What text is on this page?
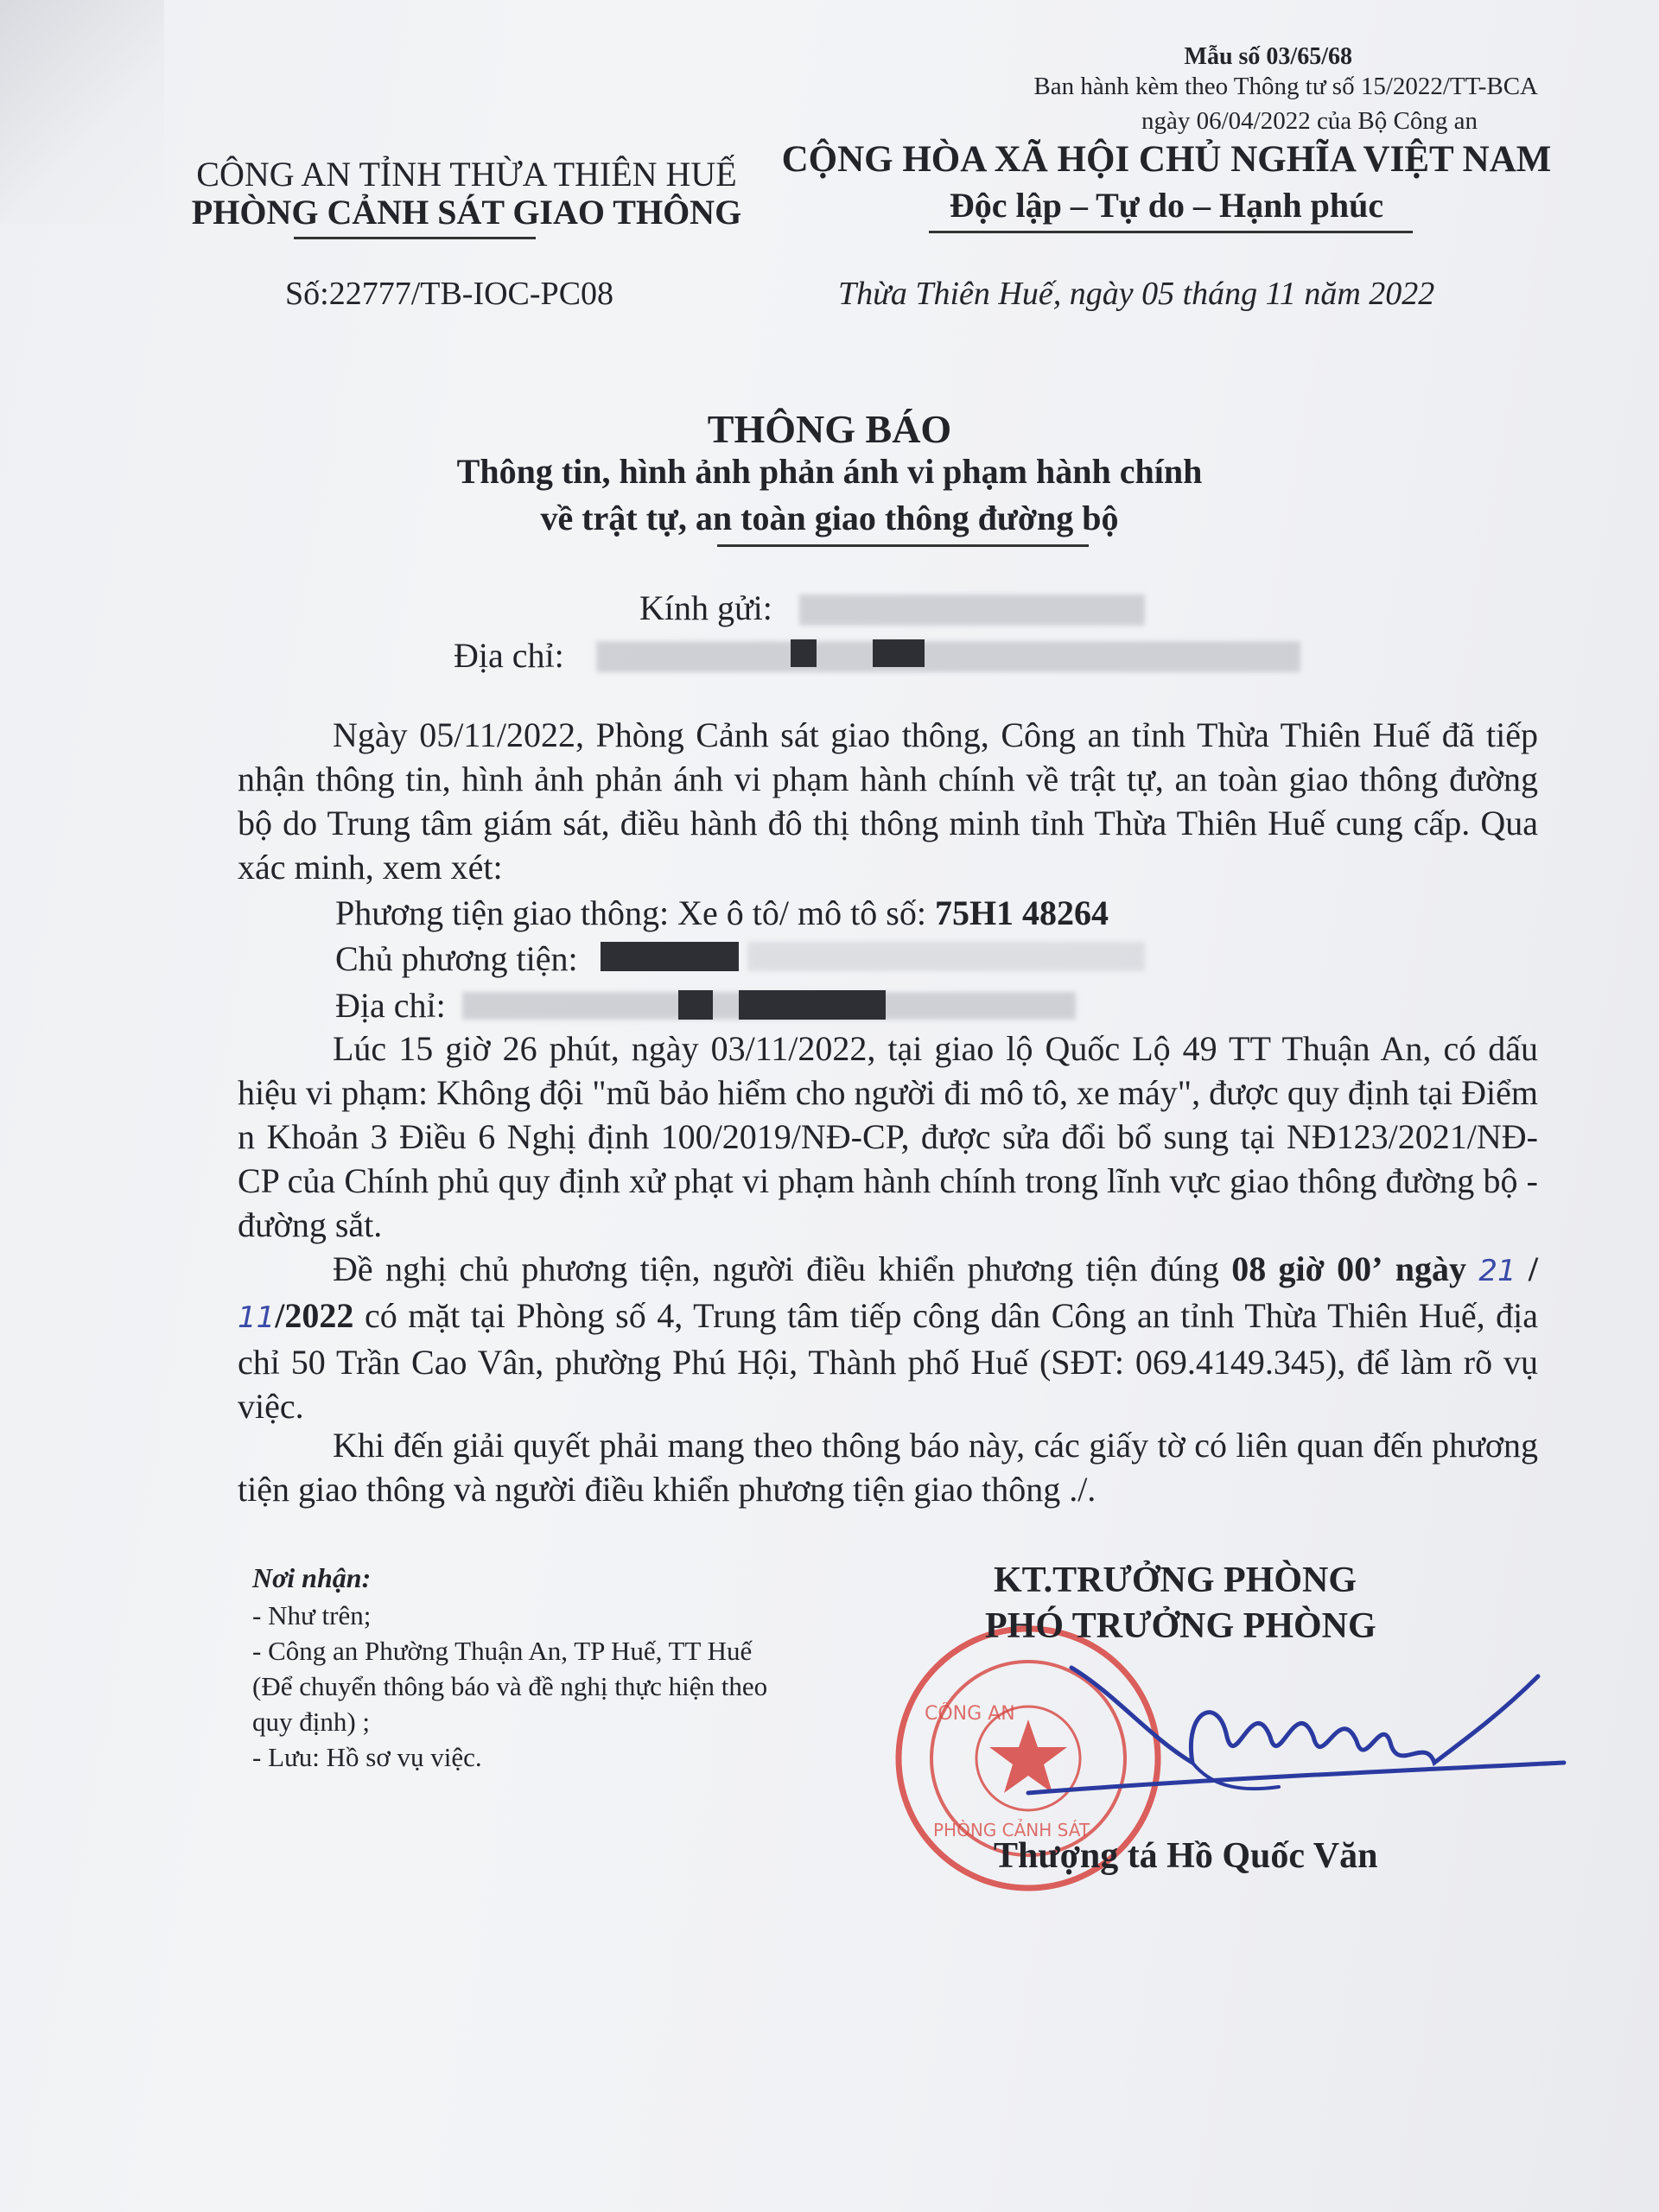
Mẫu số 03/65/68
Ban hành kèm theo Thông tư số 15/2022/TT-BCA
ngày 06/04/2022 của Bộ Công an
CÔNG AN TỈNH THỪA THIÊN HUẾ
PHÒNG CẢNH SÁT GIAO THÔNG
CỘNG HÒA XÃ HỘI CHỦ NGHĨA VIỆT NAM
Độc lập – Tự do – Hạnh phúc
Số:22777/TB-IOC-PC08	Thừa Thiên Huế, ngày 05 tháng 11 năm 2022
THÔNG BÁO
Thông tin, hình ảnh phản ánh vi phạm hành chính
về trật tự, an toàn giao thông đường bộ
Kính gửi:
Địa chỉ:
Ngày 05/11/2022, Phòng Cảnh sát giao thông, Công an tỉnh Thừa Thiên Huế đã tiếp nhận thông tin, hình ảnh phản ánh vi phạm hành chính về trật tự, an toàn giao thông đường bộ do Trung tâm giám sát, điều hành đô thị thông minh tỉnh Thừa Thiên Huế cung cấp. Qua xác minh, xem xét:
Phương tiện giao thông: Xe ô tô/ mô tô số: 75H1 48264
Chủ phương tiện:
Địa chỉ:
Lúc 15 giờ 26 phút, ngày 03/11/2022, tại giao lộ Quốc Lộ 49 TT Thuận An, có dấu hiệu vi phạm: Không đội "mũ bảo hiểm cho người đi mô tô, xe máy", được quy định tại Điểm n Khoản 3 Điều 6 Nghị định 100/2019/NĐ-CP, được sửa đổi bổ sung tại NĐ123/2021/NĐ-CP của Chính phủ quy định xử phạt vi phạm hành chính trong lĩnh vực giao thông đường bộ - đường sắt.
Đề nghị chủ phương tiện, người điều khiển phương tiện đúng 08 giờ 00’ ngày 21 / 11/2022 có mặt tại Phòng số 4, Trung tâm tiếp công dân Công an tỉnh Thừa Thiên Huế, địa chỉ 50 Trần Cao Vân, phường Phú Hội, Thành phố Huế (SĐT: 069.4149.345), để làm rõ vụ việc.
Khi đến giải quyết phải mang theo thông báo này, các giấy tờ có liên quan đến phương tiện giao thông và người điều khiển phương tiện giao thông ./.
Nơi nhận:
- Như trên;
- Công an Phường Thuận An, TP Huế, TT Huế
(Để chuyển thông báo và đề nghị thực hiện theo
quy định) ;
- Lưu: Hồ sơ vụ việc.
CÔNG AN
PHÒNG CẢNH SÁT
KT.TRƯỞNG PHÒNG
PHÓ TRƯỞNG PHÒNG
Thượng tá Hồ Quốc Văn
